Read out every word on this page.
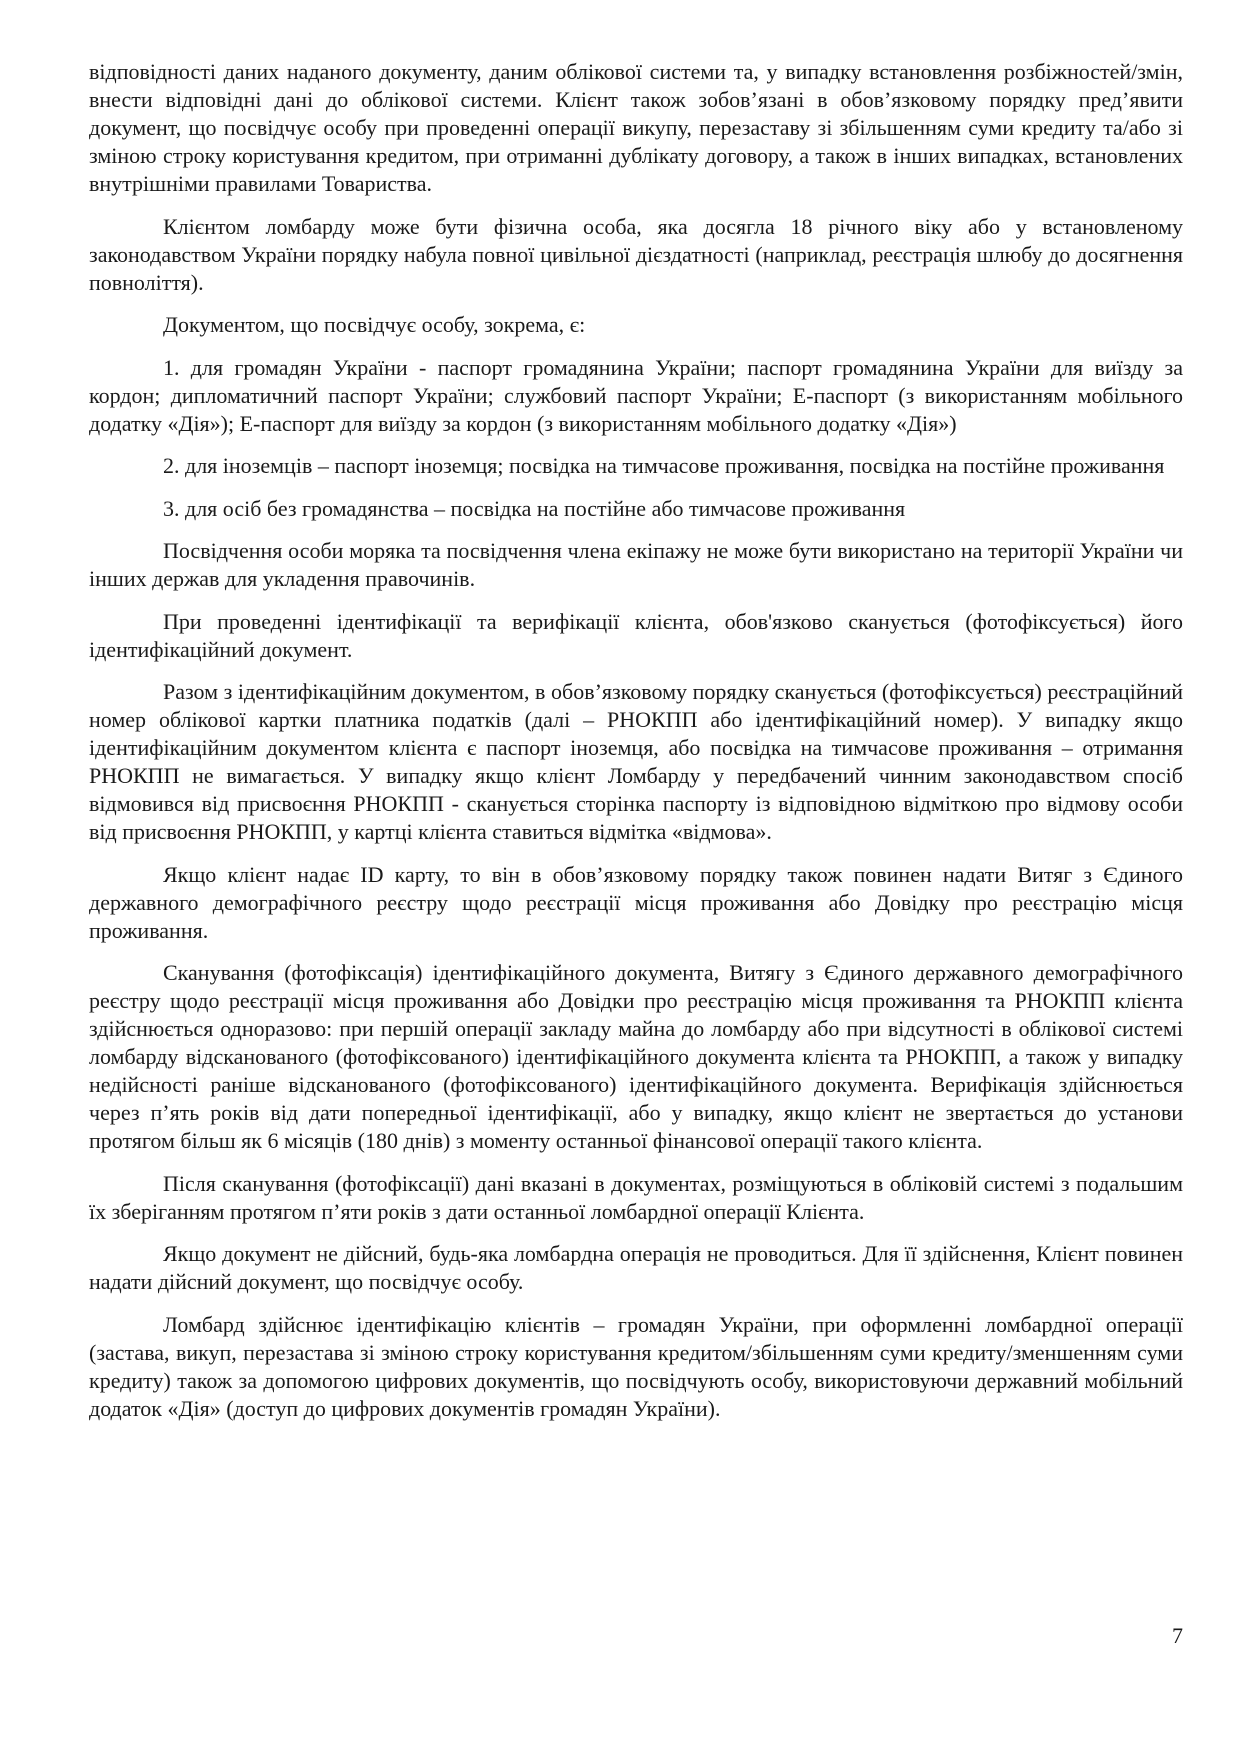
відповідності даних наданого документу, даним облікової системи та, у випадку встановлення розбіжностей/змін, внести відповідні дані до облікової системи. Клієнт також зобов’язані в обов’язковому порядку пред’явити документ, що посвідчує особу при проведенні операції викупу, перезаставу зі збільшенням суми кредиту та/або зі зміною строку користування кредитом, при отриманні дублікату договору, а також в інших випадках, встановлених внутрішніми правилами Товариства.

Клієнтом ломбарду може бути фізична особа, яка досягла 18 річного віку або у встановленому законодавством України порядку набула повної цивільної дієздатності (наприклад, реєстрація шлюбу до досягнення повноліття).

Документом, що посвідчує особу, зокрема, є:

1. для громадян України - паспорт громадянина України; паспорт громадянина України для виїзду за кордон; дипломатичний паспорт України; службовий паспорт України; Е-паспорт (з використанням мобільного додатку «Дія»); Е-паспорт для виїзду за кордон (з використанням мобільного додатку «Дія»)

2. для іноземців – паспорт іноземця; посвідка на тимчасове проживання, посвідка на постійне проживання

3. для осіб без громадянства – посвідка на постійне або тимчасове проживання

Посвідчення особи моряка та посвідчення члена екіпажу не може бути використано на території України чи інших держав для укладення правочинів.

При проведенні ідентифікації та верифікації клієнта, обов'язково сканується (фотофіксується) його ідентифікаційний документ.

Разом з ідентифікаційним документом, в обов’язковому порядку сканується (фотофіксується) реєстраційний номер облікової картки платника податків (далі – РНОКПП або ідентифікаційний номер). У випадку якщо ідентифікаційним документом клієнта є паспорт іноземця, або посвідка на тимчасове проживання – отримання РНОКПП не вимагається. У випадку якщо клієнт Ломбарду у передбачений чинним законодавством спосіб відмовився від присвоєння РНОКПП - сканується сторінка паспорту із відповідною відміткою про відмову особи від присвоєння РНОКПП, у картці клієнта ставиться відмітка «відмова».

Якщо клієнт надає ID карту, то він в обов’язковому порядку також повинен надати Витяг з Єдиного державного демографічного реєстру щодо реєстрації місця проживання або Довідку про реєстрацію місця проживання.

Сканування (фотофіксація) ідентифікаційного документа, Витягу з Єдиного державного демографічного реєстру щодо реєстрації місця проживання або Довідки про реєстрацію місця проживання та РНОКПП клієнта здійснюється одноразово: при першій операції закладу майна до ломбарду або при відсутності в облікової системі ломбарду відсканованого (фотофіксованого) ідентифікаційного документа клієнта та РНОКПП, а також у випадку недійсності раніше відсканованого (фотофіксованого) ідентифікаційного документа. Верифікація здійснюється через п’ять років від дати попередньої ідентифікації, або у випадку, якщо клієнт не звертається до установи протягом більш як 6 місяців (180 днів) з моменту останньої фінансової операції такого клієнта.

Після сканування (фотофіксації) дані вказані в документах, розміщуються в обліковій системі з подальшим їх зберіганням протягом п’яти років з дати останньої ломбардної операції Клієнта.

Якщо документ не дійсний, будь-яка ломбардна операція не проводиться. Для її здійснення, Клієнт повинен надати дійсний документ, що посвідчує особу.

Ломбард здійснює ідентифікацію клієнтів – громадян України, при оформленні ломбардної операції (застава, викуп, перезастава зі зміною строку користування кредитом/збільшенням суми кредиту/зменшенням суми кредиту) також за допомогою цифрових документів, що посвідчують особу, використовуючи державний мобільний додаток «Дія» (доступ до цифрових документів громадян України).

7
